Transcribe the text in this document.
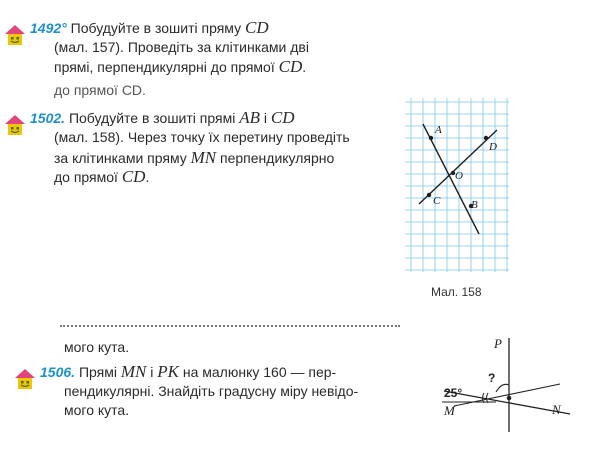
1492° Побудуйте в зошиті пряму CD
(мал. 157). Проведіть за клітинками дві
прямі, перпендикулярні до прямої CD.
до прямої CD.
1502. Побудуйте в зошиті прямі AB і CD
(мал. 158). Через точку їх перетину проведіть
за клітинками пряму MN перпендикулярно
до прямої CD.
A
D
O
C	B
Мал. 158
мого кута.
1506. Прямі MN і PK на малюнку 160 — пер-
пендикулярні. Знайдіть градусну міру невідо-
мого кута.
P
M	N
25°
?
